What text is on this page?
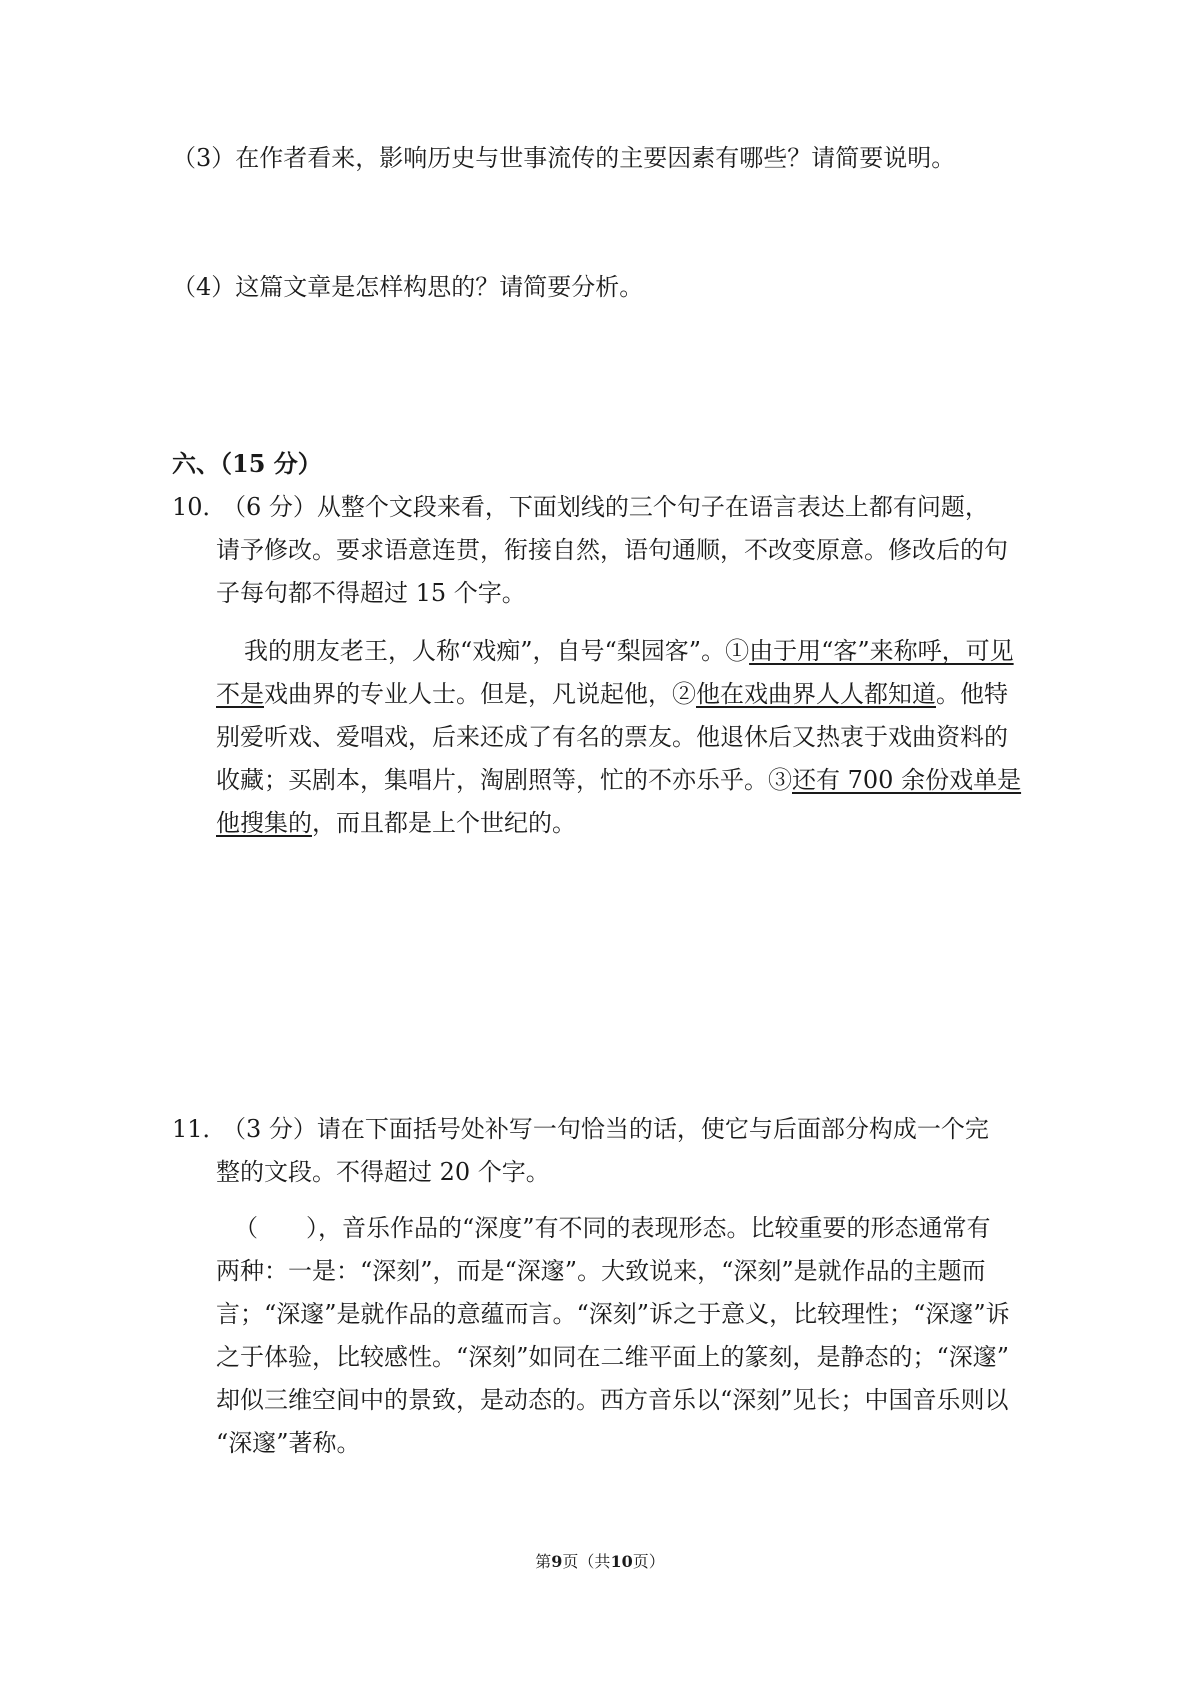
（3）在作者看来，影响历史与世事流传的主要因素有哪些？请简要说明。
（4）这篇文章是怎样构思的？请简要分析。
六、（15 分）
10．
（6 分）从整个文段来看，下面划线的三个句子在语言表达上都有问题，
请予修改。要求语意连贯，衔接自然，语句通顺，不改变原意。修改后的句
子每句都不得超过 15 个字。
我的朋友老王，人称“戏痴”，自号“梨园客”。①由于用“客”来称呼，可见
不是戏曲界的专业人士。但是，凡说起他，②他在戏曲界人人都知道。他特
别爱听戏、爱唱戏，后来还成了有名的票友。他退休后又热衷于戏曲资料的
收藏；买剧本，集唱片，淘剧照等，忙的不亦乐乎。③还有 700 余份戏单是
他搜集的，而且都是上个世纪的。
11．
（3 分）请在下面括号处补写一句恰当的话，使它与后面部分构成一个完
整的文段。不得超过 20 个字。
（　　），音乐作品的“深度”有不同的表现形态。比较重要的形态通常有
两种：一是：“深刻”，而是“深邃”。大致说来，“深刻”是就作品的主题而
言；“深邃”是就作品的意蕴而言。“深刻”诉之于意义，比较理性；“深邃”诉
之于体验，比较感性。“深刻”如同在二维平面上的篆刻，是静态的；“深邃”
却似三维空间中的景致，是动态的。西方音乐以“深刻”见长；中国音乐则以
“深邃”著称。
第9页（共10页）
